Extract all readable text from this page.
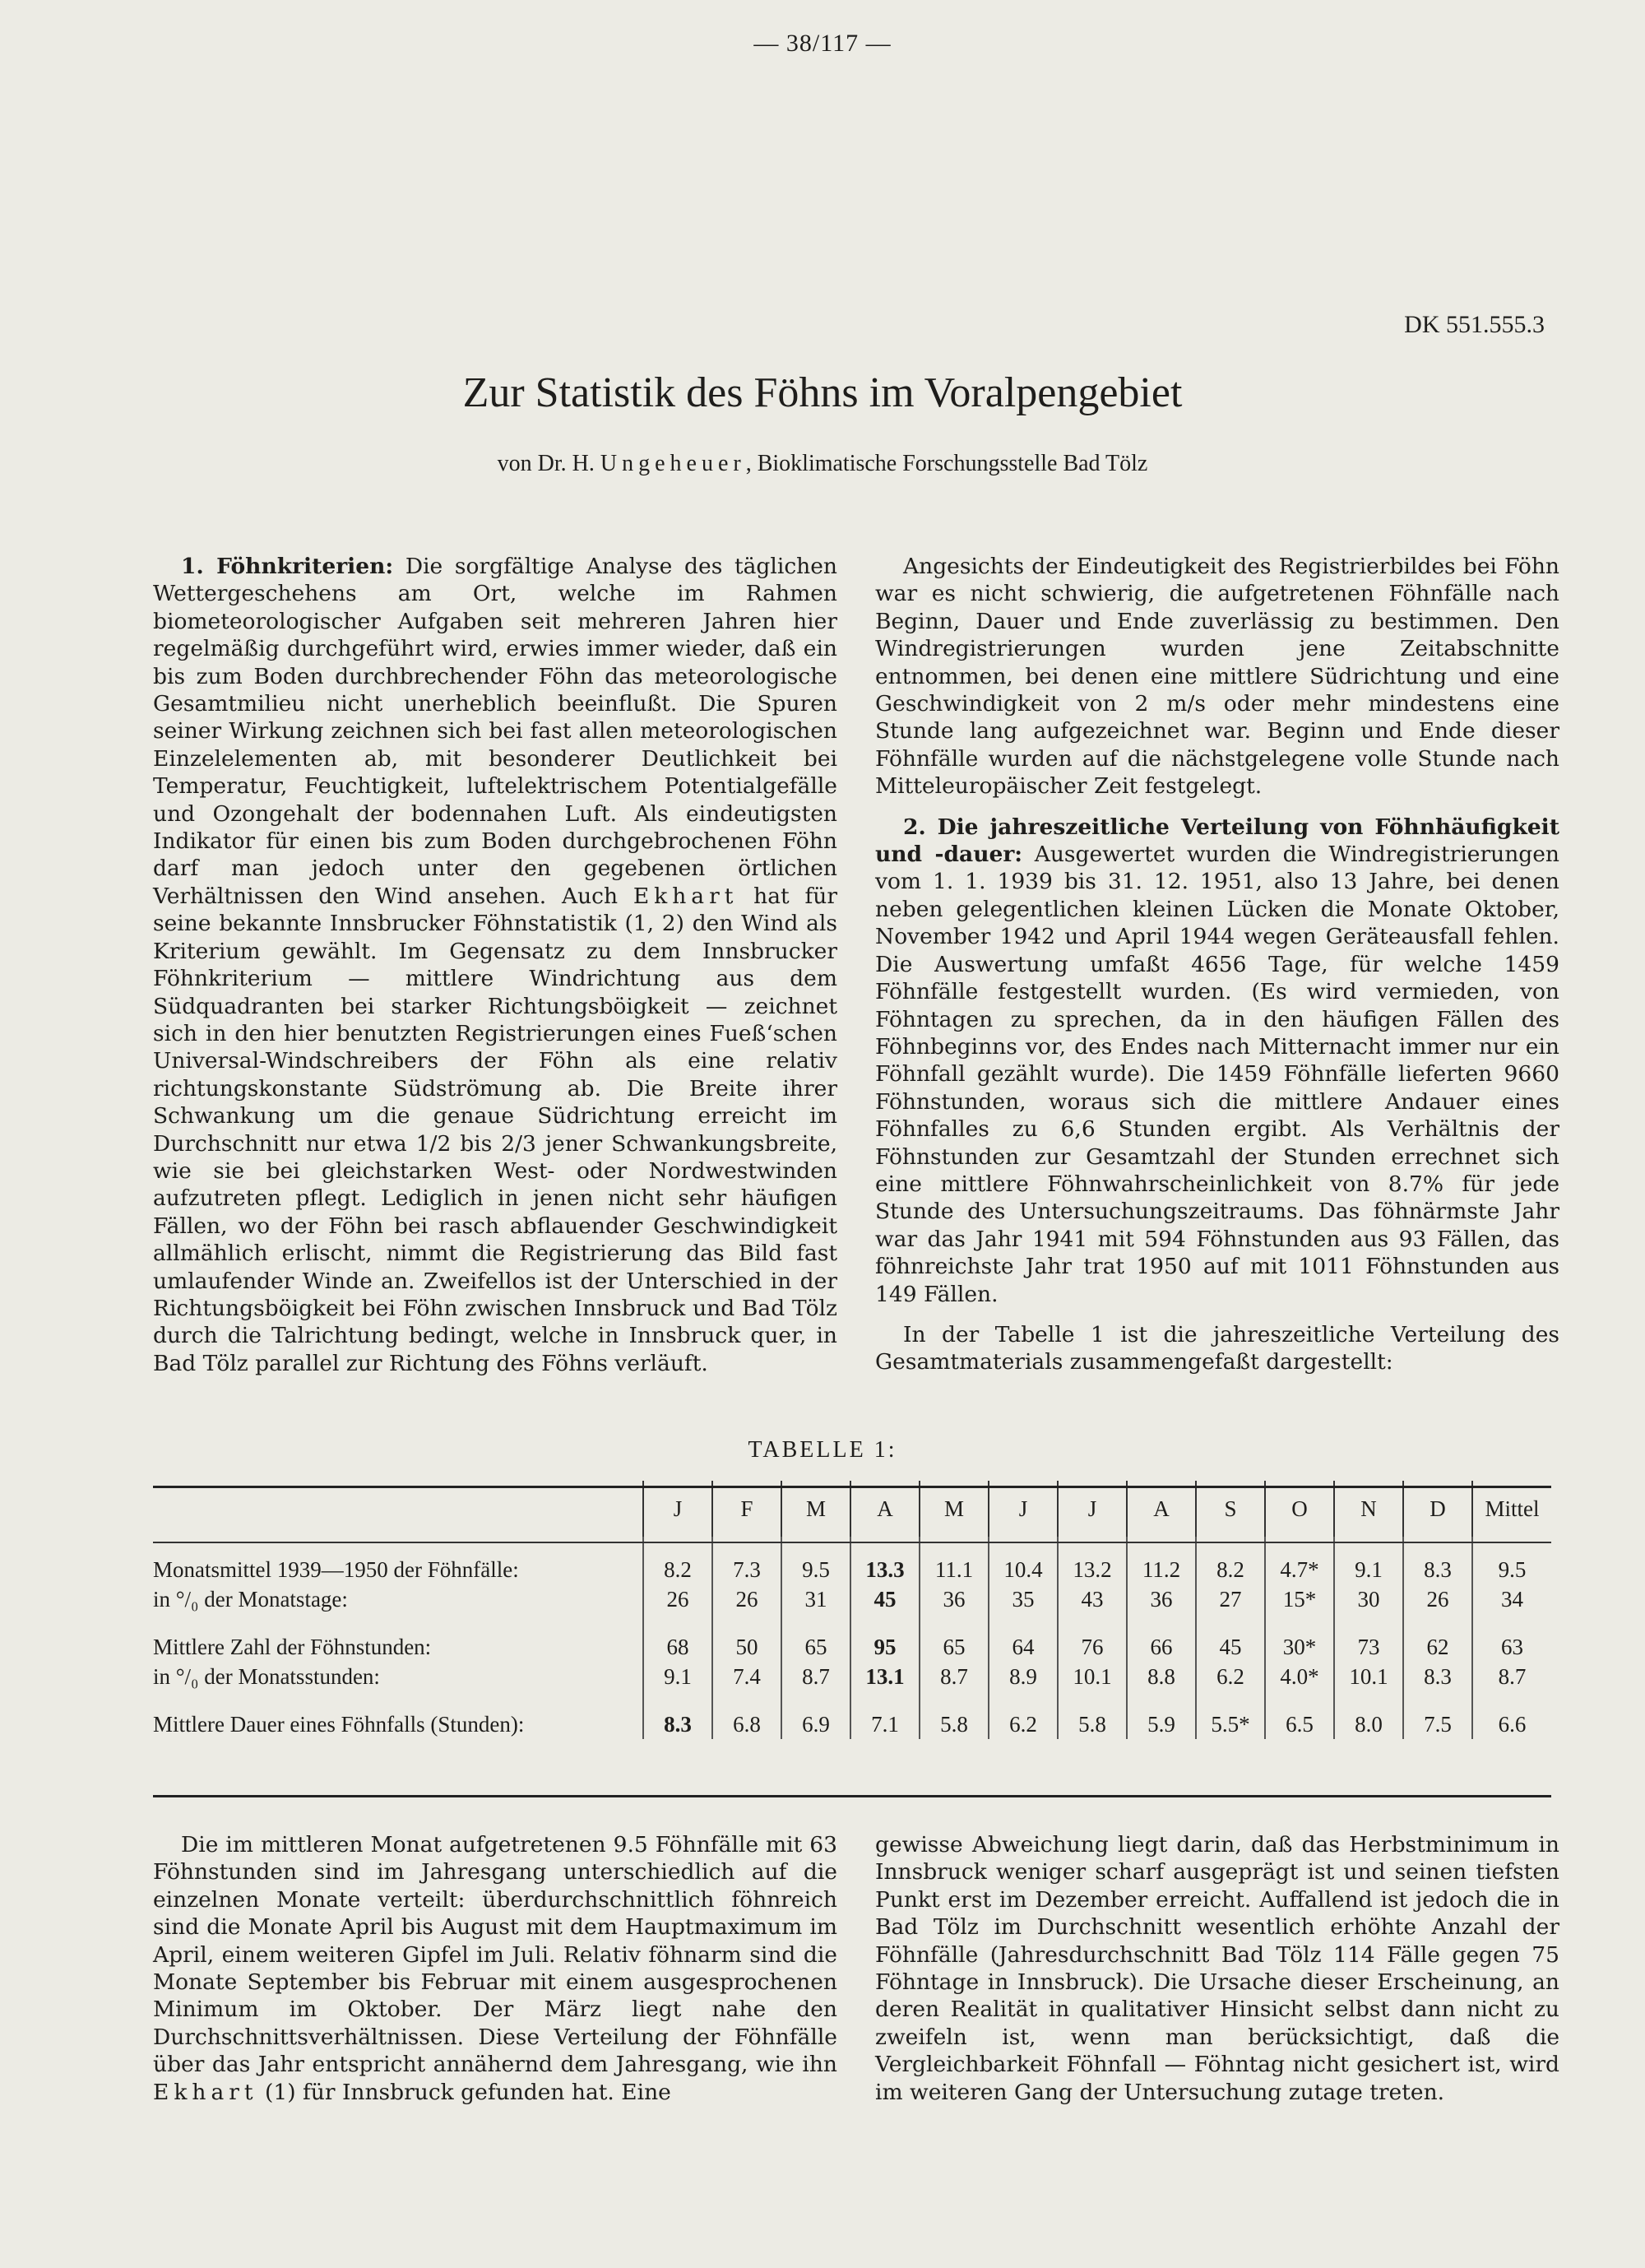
— 38/117 —
DK 551.555.3
Zur Statistik des Föhns im Voralpengebiet
von Dr. H. Ungeheuer, Bioklimatische Forschungsstelle Bad Tölz

1. Föhnkriterien: Die sorgfältige Analyse des täglichen Wettergeschehens am Ort, welche im Rahmen biometeorologischer Aufgaben seit mehreren Jahren hier regelmäßig durchgeführt wird, erwies immer wieder, daß ein bis zum Boden durchbrechender Föhn das meteorologische Gesamtmilieu nicht unerheblich beeinflußt. Die Spuren seiner Wirkung zeichnen sich bei fast allen meteorologischen Einzelelementen ab, mit besonderer Deutlichkeit bei Temperatur, Feuchtigkeit, luftelektrischem Potentialgefälle und Ozongehalt der bodennahen Luft. Als eindeutigsten Indikator für einen bis zum Boden durchgebrochenen Föhn darf man jedoch unter den gegebenen örtlichen Verhältnissen den Wind ansehen. Auch Ekhart hat für seine bekannte Innsbrucker Föhnstatistik (1, 2) den Wind als Kriterium gewählt. Im Gegensatz zu dem Innsbrucker Föhnkriterium — mittlere Windrichtung aus dem Südquadranten bei starker Richtungsböigkeit — zeichnet sich in den hier benutzten Registrierungen eines Fueß‘schen Universal-Windschreibers der Föhn als eine relativ richtungskonstante Südströmung ab. Die Breite ihrer Schwankung um die genaue Südrichtung erreicht im Durchschnitt nur etwa 1/2 bis 2/3 jener Schwankungsbreite, wie sie bei gleichstarken West- oder Nordwestwinden aufzutreten pflegt. Lediglich in jenen nicht sehr häufigen Fällen, wo der Föhn bei rasch abflauender Geschwindigkeit allmählich erlischt, nimmt die Registrierung das Bild fast umlaufender Winde an. Zweifellos ist der Unterschied in der Richtungsböigkeit bei Föhn zwischen Innsbruck und Bad Tölz durch die Talrichtung bedingt, welche in Innsbruck quer, in Bad Tölz parallel zur Richtung des Föhns verläuft.

Angesichts der Eindeutigkeit des Registrierbildes bei Föhn war es nicht schwierig, die aufgetretenen Föhnfälle nach Beginn, Dauer und Ende zuverlässig zu bestimmen. Den Windregistrierungen wurden jene Zeitabschnitte entnommen, bei denen eine mittlere Südrichtung und eine Geschwindigkeit von 2 m/s oder mehr mindestens eine Stunde lang aufgezeichnet war. Beginn und Ende dieser Föhnfälle wurden auf die nächstgelegene volle Stunde nach Mitteleuropäischer Zeit festgelegt.

2. Die jahreszeitliche Verteilung von Föhnhäufigkeit und -dauer: Ausgewertet wurden die Windregistrierungen vom 1. 1. 1939 bis 31. 12. 1951, also 13 Jahre, bei denen neben gelegentlichen kleinen Lücken die Monate Oktober, November 1942 und April 1944 wegen Geräteausfall fehlen. Die Auswertung umfaßt 4656 Tage, für welche 1459 Föhnfälle festgestellt wurden. (Es wird vermieden, von Föhntagen zu sprechen, da in den häufigen Fällen des Föhnbeginns vor, des Endes nach Mitternacht immer nur ein Föhnfall gezählt wurde). Die 1459 Föhnfälle lieferten 9660 Föhnstunden, woraus sich die mittlere Andauer eines Föhnfalles zu 6,6 Stunden ergibt. Als Verhältnis der Föhnstunden zur Gesamtzahl der Stunden errechnet sich eine mittlere Föhnwahrscheinlichkeit von 8.7% für jede Stunde des Untersuchungszeitraums. Das föhnärmste Jahr war das Jahr 1941 mit 594 Föhnstunden aus 93 Fällen, das föhnreichste Jahr trat 1950 auf mit 1011 Föhnstunden aus 149 Fällen.

In der Tabelle 1 ist die jahreszeitliche Verteilung des Gesamtmaterials zusammengefaßt dargestellt:

TABELLE 1:
	J	F	M	A	M	J	J	A	S	O	N	D	Mittel

Monatsmittel 1939—1950 der Föhnfälle:	8.2	7.3	9.5	13.3	11.1	10.4	13.2	11.2	8.2	4.7*	9.1	8.3	9.5
in °/₀ der Monatstage:	26	26	31	45	36	35	43	36	27	15*	30	26	34

Mittlere Zahl der Föhnstunden:	68	50	65	95	65	64	76	66	45	30*	73	62	63
in °/₀ der Monatsstunden:	9.1	7.4	8.7	13.1	8.7	8.9	10.1	8.8	6.2	4.0*	10.1	8.3	8.7

Mittlere Dauer eines Föhnfalls (Stunden):	8.3	6.8	6.9	7.1	5.8	6.2	5.8	5.9	5.5*	6.5	8.0	7.5	6.6

Die im mittleren Monat aufgetretenen 9.5 Föhnfälle mit 63 Föhnstunden sind im Jahresgang unterschiedlich auf die einzelnen Monate verteilt: überdurchschnittlich föhnreich sind die Monate April bis August mit dem Hauptmaximum im April, einem weiteren Gipfel im Juli. Relativ föhnarm sind die Monate September bis Februar mit einem ausgesprochenen Minimum im Oktober. Der März liegt nahe den Durchschnittsverhältnissen. Diese Verteilung der Föhnfälle über das Jahr entspricht annähernd dem Jahresgang, wie ihn Ekhart (1) für Innsbruck gefunden hat. Eine

gewisse Abweichung liegt darin, daß das Herbstminimum in Innsbruck weniger scharf ausgeprägt ist und seinen tiefsten Punkt erst im Dezember erreicht. Auffallend ist jedoch die in Bad Tölz im Durchschnitt wesentlich erhöhte Anzahl der Föhnfälle (Jahresdurchschnitt Bad Tölz 114 Fälle gegen 75 Föhntage in Innsbruck). Die Ursache dieser Erscheinung, an deren Realität in qualitativer Hinsicht selbst dann nicht zu zweifeln ist, wenn man berücksichtigt, daß die Vergleichbarkeit Föhnfall — Föhntag nicht gesichert ist, wird im weiteren Gang der Untersuchung zutage treten.
